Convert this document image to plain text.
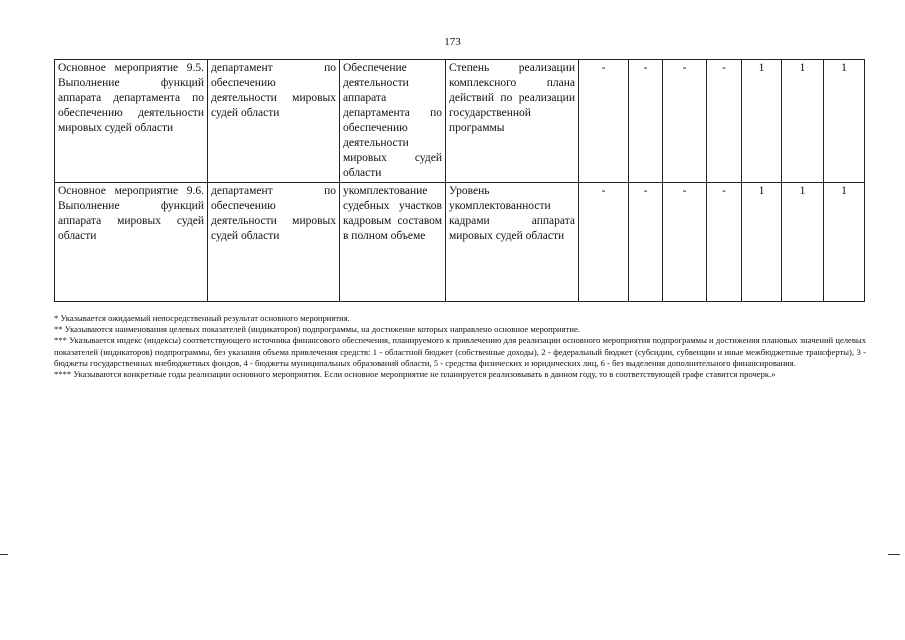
173
Основное мероприятие 9.5. Выполнение функций аппарата департамента по обеспечению деятельности мировых судей области	департамент по обеспечению деятельности мировых судей области	Обеспечение деятельности аппарата департамента по обеспечению деятельности мировых судей области	Степень реализации комплексного плана действий по реализации государственной программы	-	-	-	-	1	1	1
Основное мероприятие 9.6. Выполнение функций аппарата мировых судей области	департамент по обеспечению деятельности мировых судей области	укомплектование судебных участков кадровым составом в полном объеме	Уровень укомплектованности кадрами аппарата мировых судей области	-	-	-	-	1	1	1

* Указывается ожидаемый непосредственный результат основного мероприятия.

** Указываются наименования целевых показателей (индикаторов) подпрограммы, на достижение которых направлено основное мероприятие.

*** Указывается индекс (индексы) соответствующего источника финансового обеспечения, планируемого к привлечению для реализации основного мероприятия подпрограммы и достижения плановых значений целевых показателей (индикаторов) подпрограммы, без указания объема привлечения средств: 1 - областной бюджет (собственные доходы), 2 - федеральный бюджет (субсидии, субвенции и иные межбюджетные трансферты), 3 - бюджеты государственных внебюджетных фондов, 4 - бюджеты муниципальных образований области, 5 - средства физических и юридических лиц, 6 - без выделения дополнительного финансирования.

**** Указываются конкретные годы реализации основного мероприятия. Если основное мероприятие не планируется реализовывать в данном году, то в соответствующей графе ставится прочерк.»
